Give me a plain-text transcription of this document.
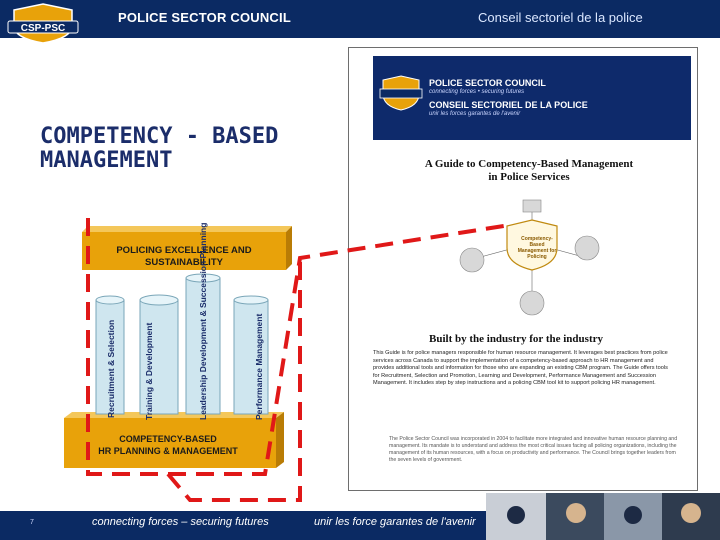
CSP-PSC
POLICE SECTOR COUNCIL	Conseil sectoriel de la police
COMPETENCY - BASED MANAGEMENT
POLICE SECTOR COUNCIL
connecting forces • securing futures
CONSEIL SECTORIEL DE LA POLICE
unir les forces garantes de l'avenir
A Guide to Competency-Based Management in Police Services
Competency-Based Management for Policing
Built by the industry for the industry
This Guide is for police managers responsible for human resource management. It leverages best practices from police services across Canada to support the implementation of a competency-based approach to HR management and provides additional tools and information for those who are expanding an existing CBM program. The Guide offers tools for Recruitment, Selection and Promotion, Learning and Development, Performance Management and Succession Management. It includes step by step instructions and a policing CBM tool kit to support policing HR management.
The Police Sector Council was incorporated in 2004 to facilitate more integrated and innovative human resource planning and management. Its mandate is to understand and address the most critical issues facing all policing organizations, including the management of its human resources, with a focus on productivity and performance. The Council brings together leaders from the seven levels of government.
POLICING EXCELLENCE AND
SUSTAINABILITY
COMPETENCY-BASED
HR PLANNING & MANAGEMENT
Recruitment & Selection	Training & Development	Leadership Development & Succession Planning	Performance Management
7	connecting forces – securing futures	unir les force garantes de l'avenir
